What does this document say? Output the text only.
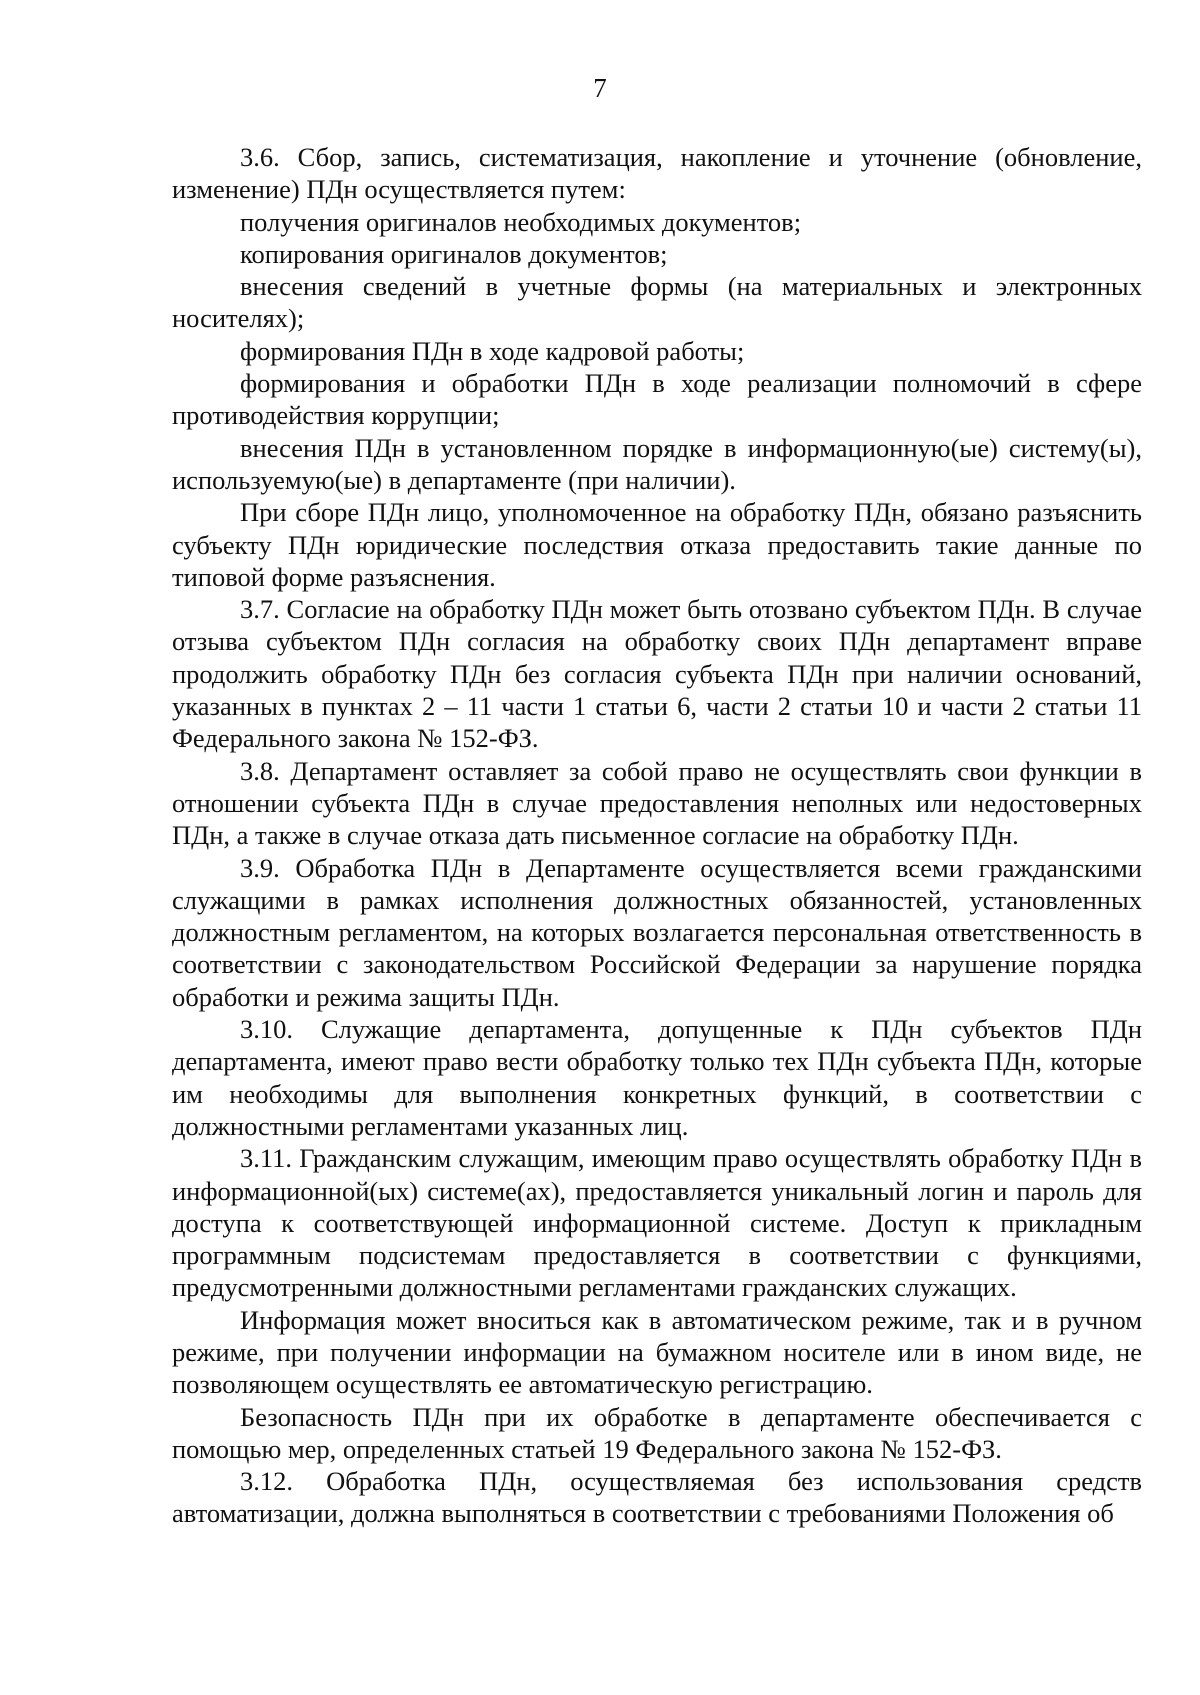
7

3.6. Сбор, запись, систематизация, накопление и уточнение (обновление, изменение) ПДн осуществляется путем:

получения оригиналов необходимых документов;

копирования оригиналов документов;

внесения сведений в учетные формы (на материальных и электронных носителях);

формирования ПДн в ходе кадровой работы;

формирования и обработки ПДн в ходе реализации полномочий в сфере противодействия коррупции;

внесения ПДн в установленном порядке в информационную(ые) систему(ы), используемую(ые) в департаменте (при наличии).

При сборе ПДн лицо, уполномоченное на обработку ПДн, обязано разъяснить субъекту ПДн юридические последствия отказа предоставить такие данные по типовой форме разъяснения.

3.7. Согласие на обработку ПДн может быть отозвано субъектом ПДн. В случае отзыва субъектом ПДн согласия на обработку своих ПДн департамент вправе продолжить обработку ПДн без согласия субъекта ПДн при наличии оснований, указанных в пунктах 2 – 11 части 1 статьи 6, части 2 статьи 10 и части 2 статьи 11 Федерального закона № 152-ФЗ.

3.8. Департамент оставляет за собой право не осуществлять свои функции в отношении субъекта ПДн в случае предоставления неполных или недостоверных ПДн, а также в случае отказа дать письменное согласие на обработку ПДн.

3.9. Обработка ПДн в Департаменте осуществляется всеми гражданскими служащими в рамках исполнения должностных обязанностей, установленных должностным регламентом, на которых возлагается персональная ответственность в соответствии с законодательством Российской Федерации за нарушение порядка обработки и режима защиты ПДн.

3.10. Служащие департамента, допущенные к ПДн субъектов ПДн департамента, имеют право вести обработку только тех ПДн субъекта ПДн, которые им необходимы для выполнения конкретных функций, в соответствии с должностными регламентами указанных лиц.

3.11. Гражданским служащим, имеющим право осуществлять обработку ПДн в информационной(ых) системе(ах), предоставляется уникальный логин и пароль для доступа к соответствующей информационной системе. Доступ к прикладным программным подсистемам предоставляется в соответствии с функциями, предусмотренными должностными регламентами гражданских служащих.

Информация может вноситься как в автоматическом режиме, так и в ручном режиме, при получении информации на бумажном носителе или в ином виде, не позволяющем осуществлять ее автоматическую регистрацию.

Безопасность ПДн при их обработке в департаменте обеспечивается с помощью мер, определенных статьей 19 Федерального закона № 152-ФЗ.

3.12. Обработка ПДн, осуществляемая без использования средств автоматизации, должна выполняться в соответствии с требованиями Положения об
